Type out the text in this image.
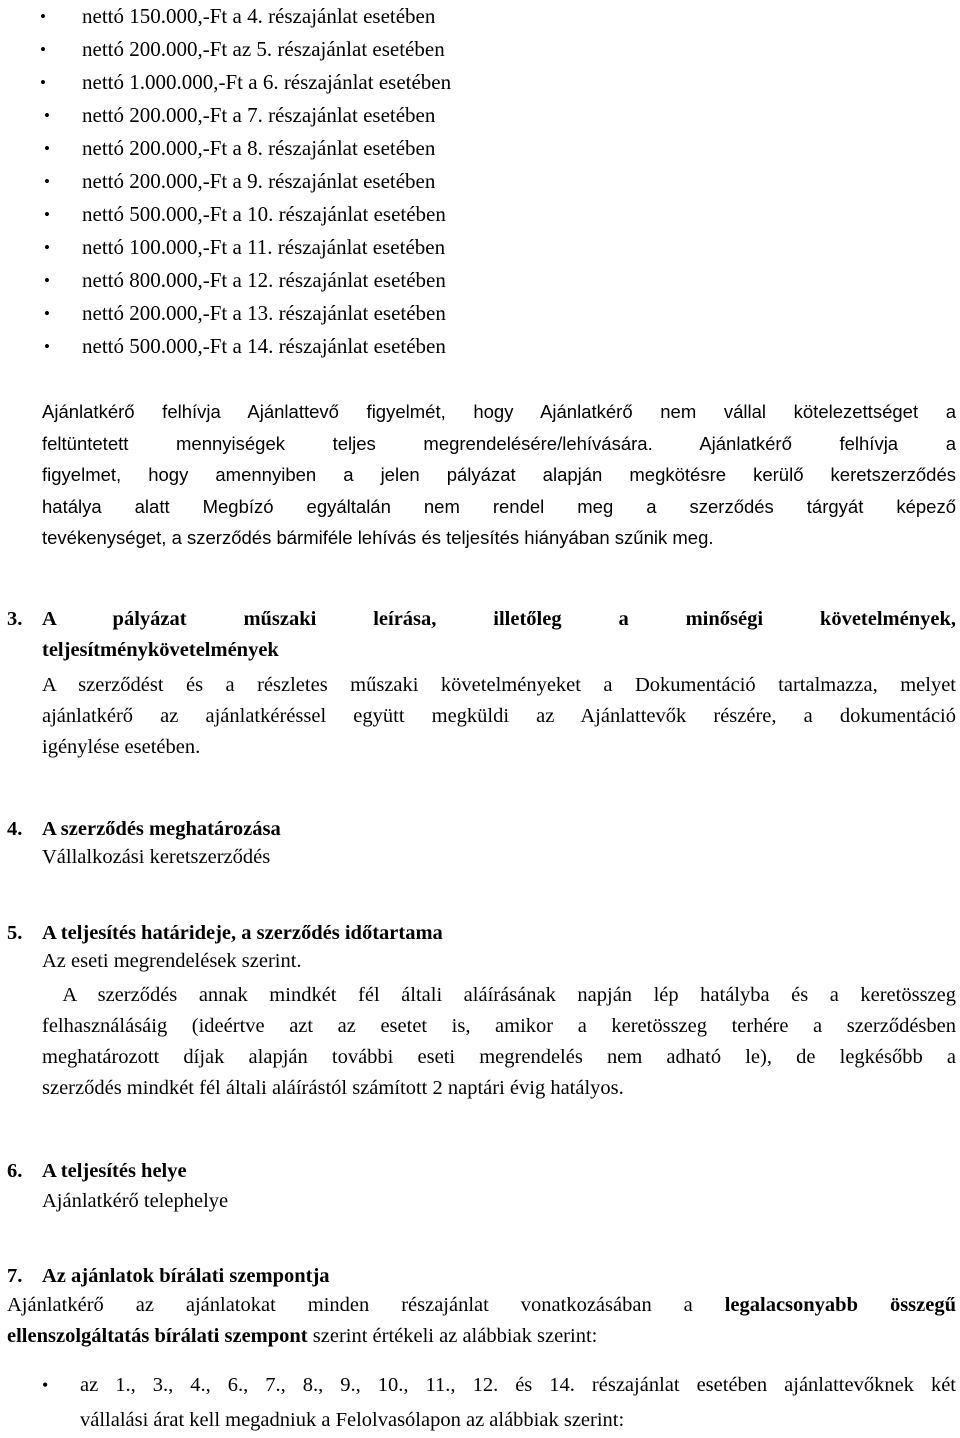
• nettó 150.000,-Ft a 4. részajánlat esetében
• nettó 200.000,-Ft az 5. részajánlat esetében
• nettó 1.000.000,-Ft a 6. részajánlat esetében
• nettó 200.000,-Ft a 7. részajánlat esetében
• nettó 200.000,-Ft a 8. részajánlat esetében
• nettó 200.000,-Ft a 9. részajánlat esetében
• nettó 500.000,-Ft a 10. részajánlat esetében
• nettó 100.000,-Ft a 11. részajánlat esetében
• nettó 800.000,-Ft a 12. részajánlat esetében
• nettó 200.000,-Ft a 13. részajánlat esetében
• nettó 500.000,-Ft a 14. részajánlat esetében
Ajánlatkérő felhívja Ajánlattevő figyelmét, hogy Ajánlatkérő nem vállal kötelezettséget a
feltüntetett mennyiségek teljes megrendelésére/lehívására. Ajánlatkérő felhívja a
figyelmet, hogy amennyiben a jelen pályázat alapján megkötésre kerülő keretszerződés
hatálya alatt Megbízó egyáltalán nem rendel meg a szerződés tárgyát képező
tevékenységet, a szerződés bármiféle lehívás és teljesítés hiányában szűnik meg.
3. A pályázat műszaki leírása, illetőleg a minőségi követelmények,
teljesítménykövetelmények
A szerződést és a részletes műszaki követelményeket a Dokumentáció tartalmazza, melyet
ajánlatkérő az ajánlatkéréssel együtt megküldi az Ajánlattevők részére, a dokumentáció
igénylése esetében.
4. A szerződés meghatározása
Vállalkozási keretszerződés
5. A teljesítés határideje, a szerződés időtartama
Az eseti megrendelések szerint.
A szerződés annak mindkét fél általi aláírásának napján lép hatályba és a keretösszeg
felhasználásáig (ideértve azt az esetet is, amikor a keretösszeg terhére a szerződésben
meghatározott díjak alapján további eseti megrendelés nem adható le), de legkésőbb a
szerződés mindkét fél általi aláírástól számított 2 naptári évig hatályos.
6. A teljesítés helye
Ajánlatkérő telephelye
7. Az ajánlatok bírálati szempontja
Ajánlatkérő az ajánlatokat minden részajánlat vonatkozásában a legalacsonyabb összegű
ellenszolgáltatás bírálati szempont szerint értékeli az alábbiak szerint:
• az 1., 3., 4., 6., 7., 8., 9., 10., 11., 12. és 14. részajánlat esetében ajánlattevőknek két
vállalási árat kell megadniuk a Felolvasólapon az alábbiak szerint:
